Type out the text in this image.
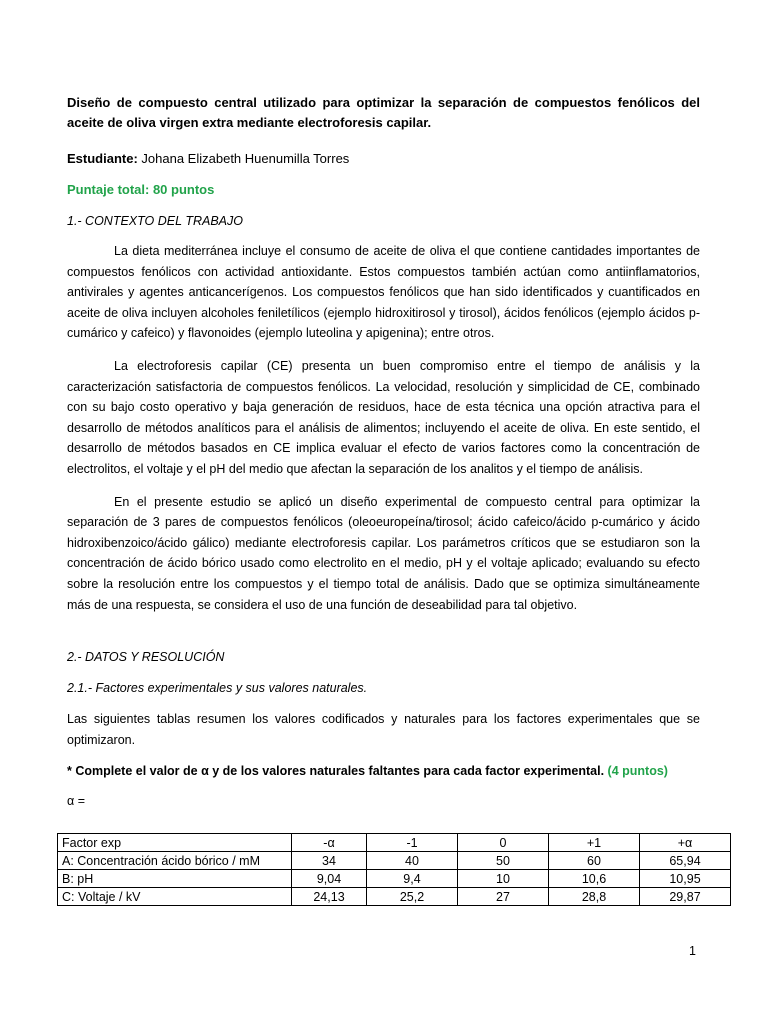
Diseño de compuesto central utilizado para optimizar la separación de compuestos fenólicos del aceite de oliva virgen extra mediante electroforesis capilar.

Estudiante: Johana Elizabeth Huenumilla Torres
Puntaje total: 80 puntos
1.- CONTEXTO DEL TRABAJO

La dieta mediterránea incluye el consumo de aceite de oliva el que contiene cantidades importantes de compuestos fenólicos con actividad antioxidante. Estos compuestos también actúan como antiinflamatorios, antivirales y agentes anticancerígenos. Los compuestos fenólicos que han sido identificados y cuantificados en aceite de oliva incluyen alcoholes feniletílicos (ejemplo hidroxitirosol y tirosol), ácidos fenólicos (ejemplo ácidos p-cumárico y cafeico) y flavonoides (ejemplo luteolina y apigenina); entre otros.

La electroforesis capilar (CE) presenta un buen compromiso entre el tiempo de análisis y la caracterización satisfactoria de compuestos fenólicos. La velocidad, resolución y simplicidad de CE, combinado con su bajo costo operativo y baja generación de residuos, hace de esta técnica una opción atractiva para el desarrollo de métodos analíticos para el análisis de alimentos; incluyendo el aceite de oliva. En este sentido, el desarrollo de métodos basados en CE implica evaluar el efecto de varios factores como la concentración de electrolitos, el voltaje y el pH del medio que afectan la separación de los analitos y el tiempo de análisis.

En el presente estudio se aplicó un diseño experimental de compuesto central para optimizar la separación de 3 pares de compuestos fenólicos (oleoeuropeína/tirosol; ácido cafeico/ácido p-cumárico y ácido hidroxibenzoico/ácido gálico) mediante electroforesis capilar. Los parámetros críticos que se estudiaron son la concentración de ácido bórico usado como electrolito en el medio, pH y el voltaje aplicado; evaluando su efecto sobre la resolución entre los compuestos y el tiempo total de análisis. Dado que se optimiza simultáneamente más de una respuesta, se considera el uso de una función de deseabilidad para tal objetivo.

2.- DATOS Y RESOLUCIÓN
2.1.- Factores experimentales y sus valores naturales.

Las siguientes tablas resumen los valores codificados y naturales para los factores experimentales que se optimizaron.

* Complete el valor de α y de los valores naturales faltantes para cada factor experimental. (4 puntos)
α =
Factor exp	-α	-1	0	+1	+α
A: Concentración ácido bórico / mM	34	40	50	60	65,94
B: pH	9,04	9,4	10	10,6	10,95
C: Voltaje / kV	24,13	25,2	27	28,8	29,87
1
